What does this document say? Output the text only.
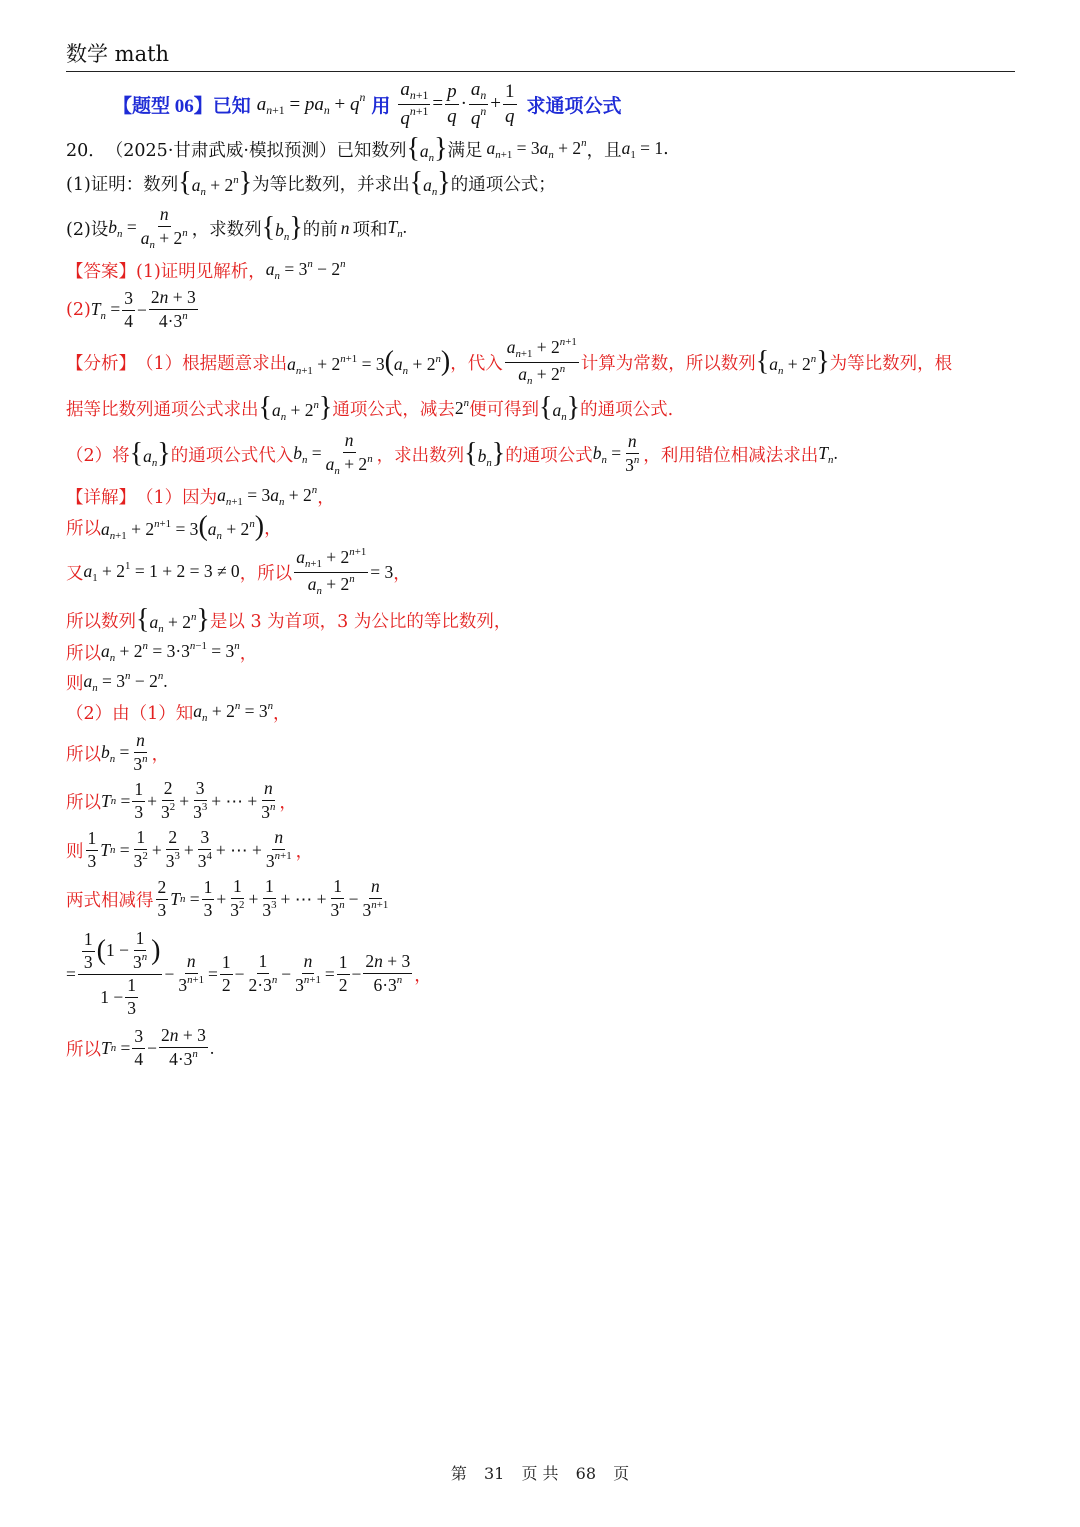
数学 math
【题型 06】已知 $a_{n+1} = pa_n + q^n$ 用 $\frac{a_{n+1}}{q^{n+1}} = \frac{p}{q} \cdot \frac{a_n}{q^n} + \frac{1}{q}$ 求通项公式
20． （2025·甘肃武威·模拟预测） 已知数列 $\{a_n\}$ 满足 $a_{n+1} = 3a_n + 2^n$ ，且 $a_1 = 1$ .
(1)证明：数列 $\{a_n + 2^n\}$ 为等比数列，并求出 $\{a_n\}$ 的通项公式；
(2)设 $b_n = \frac{n}{a_n + 2^n}$ ，求数列 $\{b_n\}$ 的前 n 项和 $T_n$.
【答案】 (1)证明见解析， $a_n = 3^n - 2^n$
(2) $T_n = \frac{3}{4} - \frac{2n + 3}{4\cdot 3^n}$
【分析】 （1）根据题意求出 $a_{n+1} + 2^{n+1} = 3(a_n + 2^n)$ ，代入 $\frac{a_{n+1} + 2^{n+1}}{a_n + 2^n}$ 计算为常数，所以数列 $\{a_n + 2^n\}$ 为等比数列，根
据等比数列通项公式求出 $\{a_n + 2^n\}$ 通项公式，减去 2$^n$ 便可得到 $\{a_n\}$ 的通项公式.
（2）将 $\{a_n\}$ 的通项公式代入 $b_n = \frac{n}{a_n + 2^n}$ ，求出数列 $\{b_n\}$ 的通项公式 $b_n = \frac{n}{3^n}$ ，利用错位相减法求出 $T_n$.
【详解】 （1）因为 $a_{n+1} = 3a_n + 2^n$ ，
所以 $a_{n+1} + 2^{n+1} = 3(a_n + 2^n)$ ，
又 $a_1 + 2^1 = 1 + 2 = 3 \ne 0$ ，所以 $\frac{a_{n+1} + 2^{n+1}}{a_n + 2^n} = 3$ ，
所以数列 $\{a_n + 2^n\}$ 是以 3 为首项，3 为公比的等比数列，
所以 $a_n + 2^n = 3\cdot 3^{n-1} = 3^n$ ，
则 $a_n = 3^n - 2^n$.
（2）由（1）知 $a_n + 2^n = 3^n$ ，
所以 $b_n = \frac{n}{3^n}$ ，
所以 T $n = \frac{1}{3} + \frac{2}{3^2} + \frac{3}{3^3}$ + ⋯ + $\frac{n}{3^n}$ ，
则 $\frac{1}{3}$ T $n = \frac{1}{3^2} + \frac{2}{3^3} + \frac{3}{3^4}$ + ⋯ + $\frac{n}{3^{n+1}}$ ，
两式相减得 $\frac{2}{3}$ T $n = \frac{1}{3} + \frac{1}{3^2} + \frac{1}{3^3}$ + ⋯ + $\frac{1}{3^n} - \frac{n}{3^{n+1}}$
= $\frac{\frac{1}{3} ( 1 - \frac{1}{3^n} )}{1 - \frac{1}{3}} - \frac{n}{3^{n+1}} = \frac{1}{2} - \frac{1}{2\cdot 3^n} - \frac{n}{3^{n+1}} = \frac{1}{2} - \frac{2n + 3}{6\cdot 3^n}$ ，
所以 T $n = \frac{3}{4} - \frac{2n + 3}{4\cdot 3^n}$ .
第 31 页 共 68 页
